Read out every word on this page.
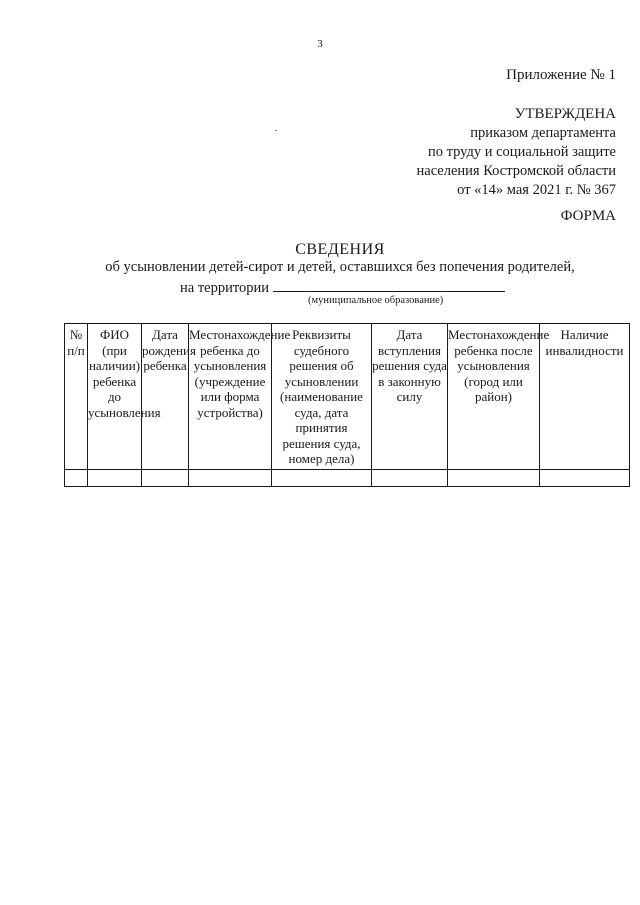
3
Приложение № 1
УТВЕРЖДЕНА
приказом департамента
по труду и социальной защите
населения Костромской области
от «14» мая 2021 г. № 367
ФОРМА
СВЕДЕНИЯ
об усыновлении детей-сирот и детей, оставшихся без попечения родителей,
на территории
(муниципальное образование)
№ п/п	ФИО (при наличии) ребенка до усыновления	Дата рождения ребенка	Местонахождение ребенка до усыновления (учреждение или форма устройства)	Реквизиты судебного решения об усыновлении (наименование суда, дата принятия решения суда, номер дела)	Дата вступления решения суда в законную силу	Местонахождение ребенка после усыновления (город или район)	Наличие инвалидности
